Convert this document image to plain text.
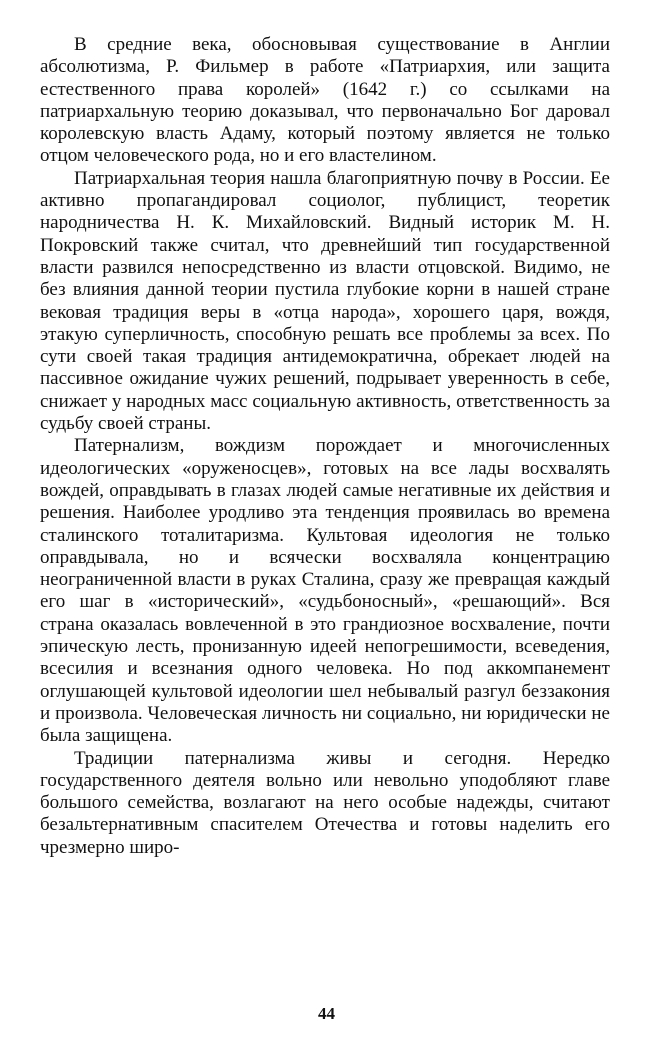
В средние века, обосновывая существование в Англии абсолютизма, Р. Фильмер в работе «Патриархия, или защита естественного права королей» (1642 г.) со ссылками на патриархальную теорию доказывал, что первоначально Бог даровал королевскую власть Адаму, который поэтому является не только отцом человеческого рода, но и его властелином.

Патриархальная теория нашла благоприятную почву в России. Ее активно пропагандировал социолог, публицист, теоретик народничества Н. К. Михайловский. Видный историк М. Н. Покровский также считал, что древнейший тип государственной власти развился непосредственно из власти отцовской. Видимо, не без влияния данной теории пустила глубокие корни в нашей стране вековая традиция веры в «отца народа», хорошего царя, вождя, этакую суперличность, способную решать все проблемы за всех. По сути своей такая традиция антидемократична, обрекает людей на пассивное ожидание чужих решений, подрывает уверенность в себе, снижает у народных масс социальную активность, ответственность за судьбу своей страны.

Патернализм, вождизм порождает и многочисленных идеологических «оруженосцев», готовых на все лады восхвалять вождей, оправдывать в глазах людей самые негативные их действия и решения. Наиболее уродливо эта тенденция проявилась во времена сталинского тоталитаризма. Культовая идеология не только оправдывала, но и всячески восхваляла концентрацию неограниченной власти в руках Сталина, сразу же превращая каждый его шаг в «исторический», «судьбоносный», «решающий». Вся страна оказалась вовлеченной в это грандиозное восхваление, почти эпическую лесть, пронизанную идеей непогрешимости, всеведения, всесилия и всезнания одного человека. Но под аккомпанемент оглушающей культовой идеологии шел небывалый разгул беззакония и произвола. Человеческая личность ни социально, ни юридически не была защищена.

Традиции патернализма живы и сегодня. Нередко государственного деятеля вольно или невольно уподобляют главе большого семейства, возлагают на него особые надежды, считают безальтернативным спасителем Отечества и готовы наделить его чрезмерно широ-

44
